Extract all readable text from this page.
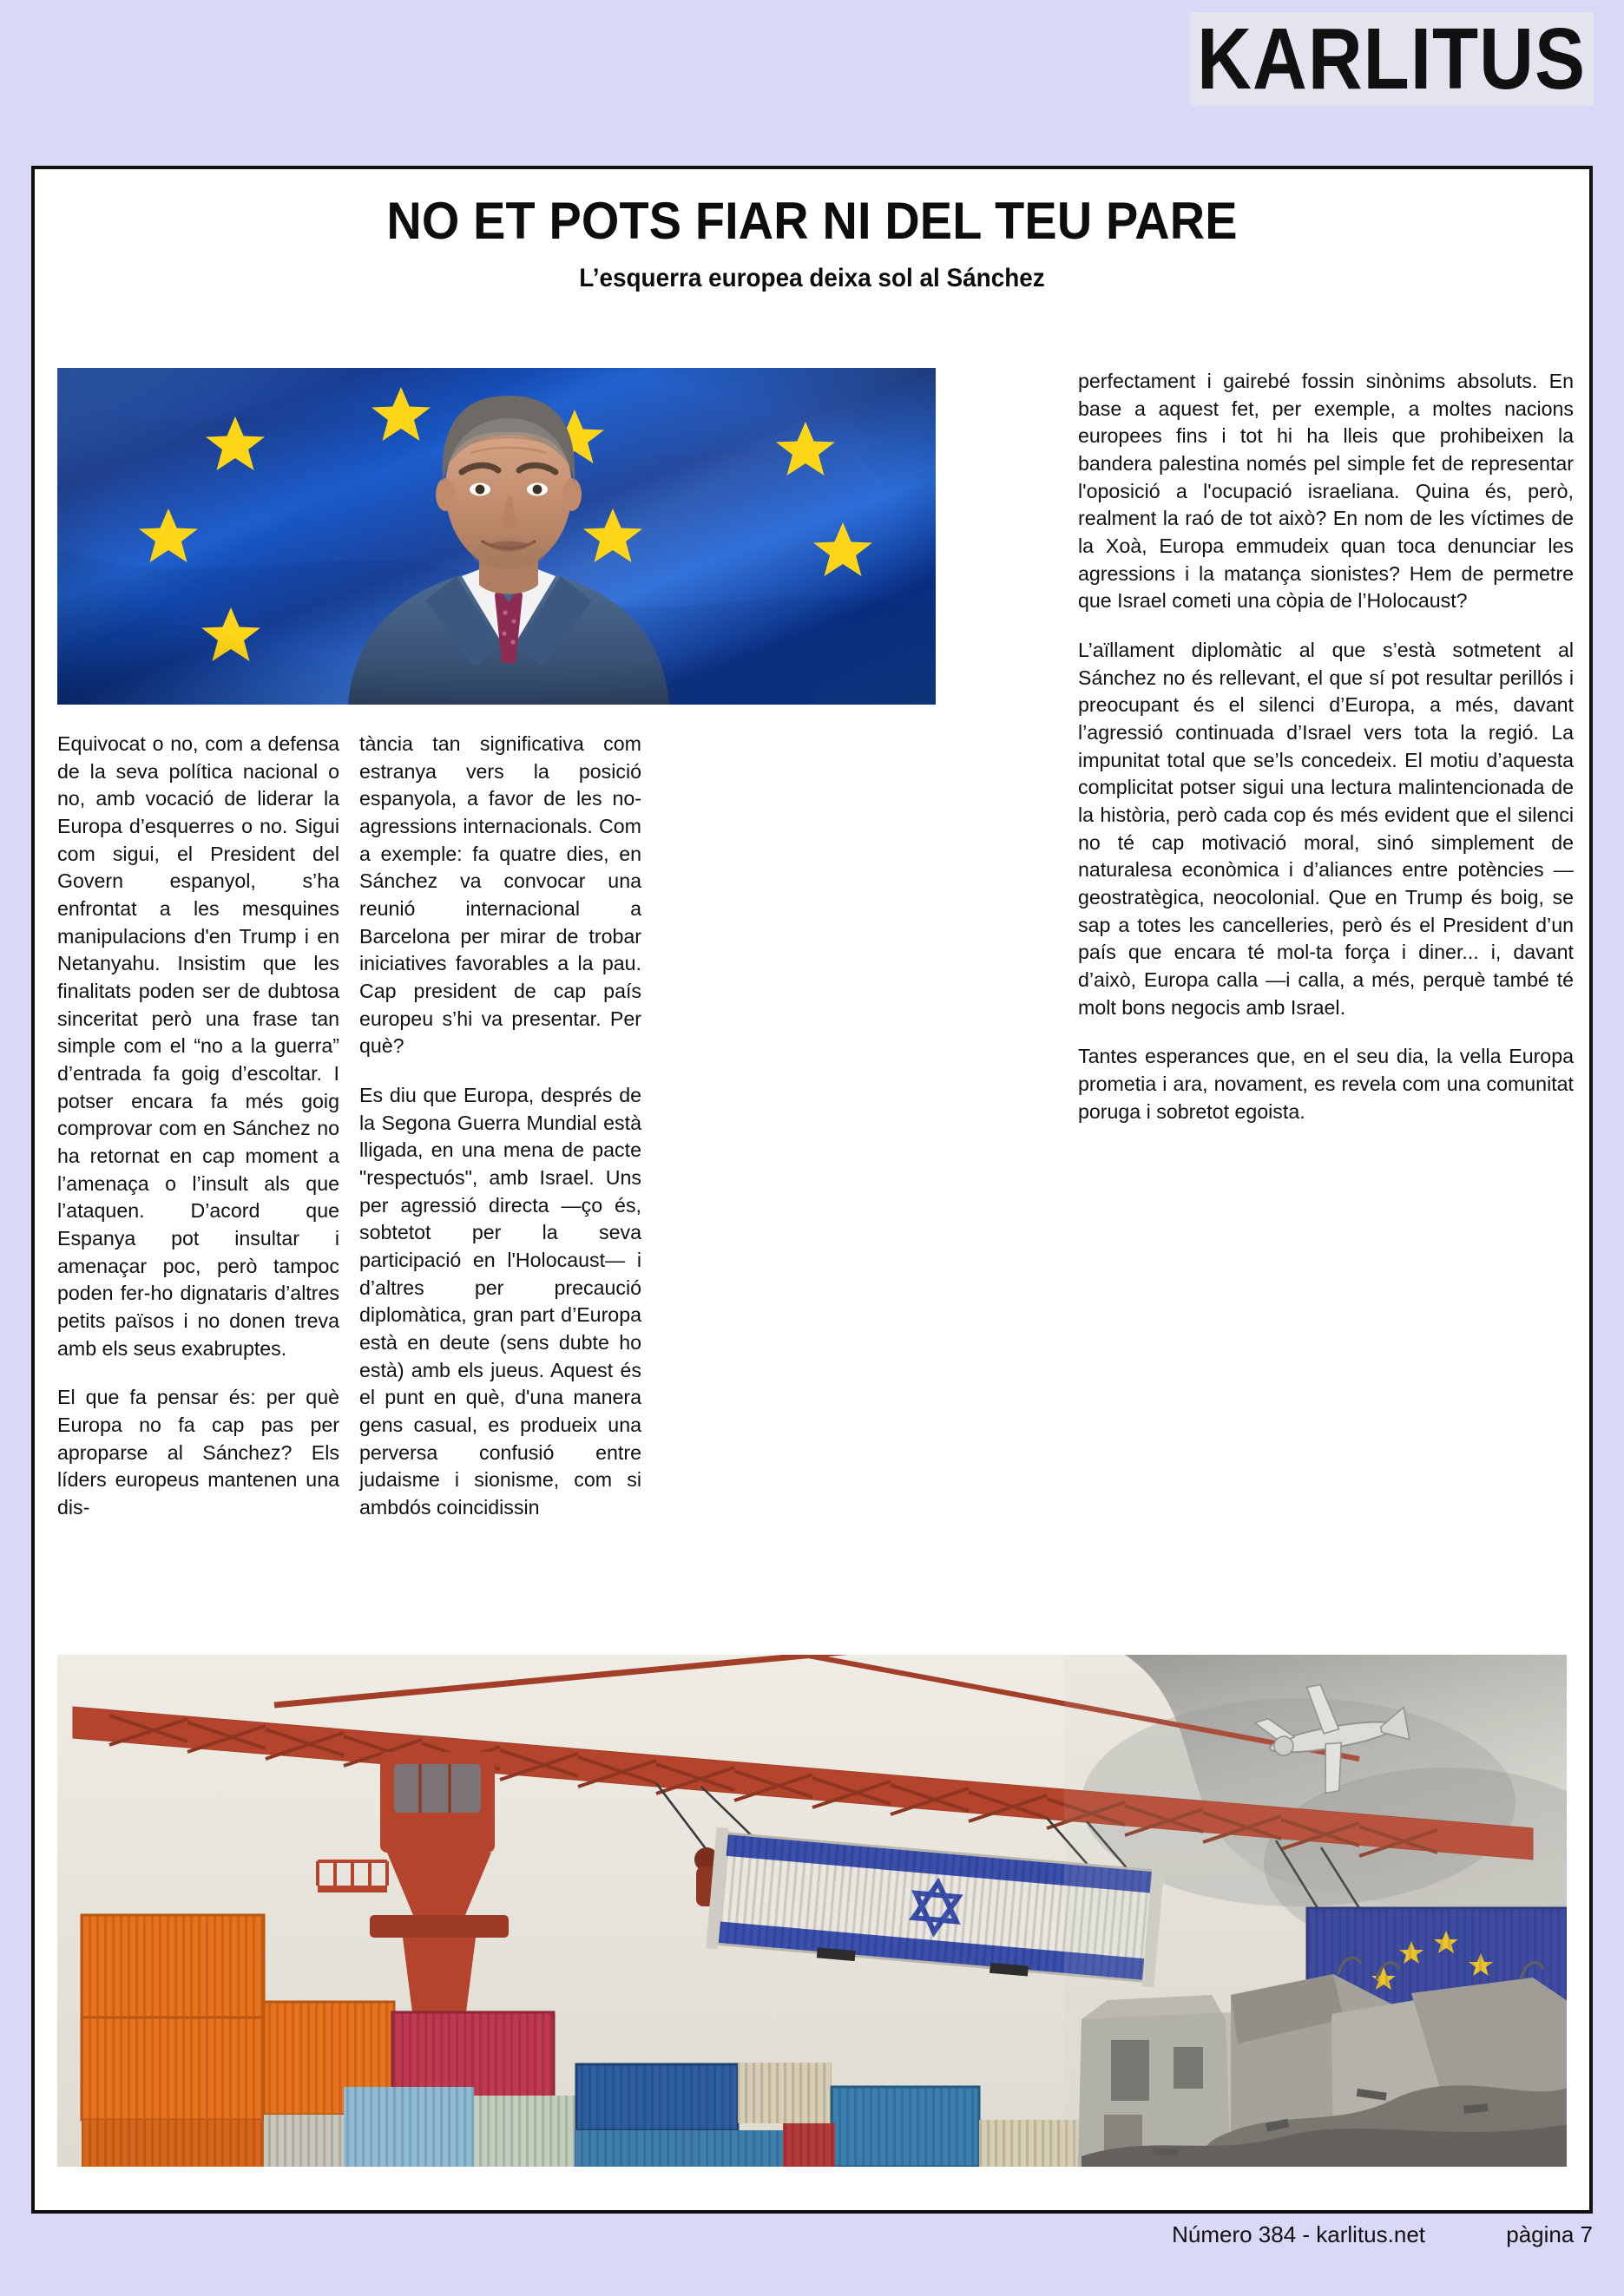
KARLITUS
NO ET POTS FIAR NI DEL TEU PARE
L’esquerra europea deixa sol al Sánchez

Equivocat o no, com a defensa de la seva política nacional o no, amb vocació de liderar la Europa d’esquerres o no. Sigui com sigui, el President del Govern espanyol, s’ha enfrontat a les mesquines manipulacions d'en Trump i en Netanyahu. Insistim que les finalitats poden ser de dubtosa sinceritat però una frase tan simple com el “no a la guerra” d’entrada fa goig d’escoltar. I potser encara fa més goig comprovar com en Sánchez no ha retornat en cap moment a l’amenaça o l’insult als que l’ataquen. D’acord que Espanya pot insultar i amenaçar poc, però tampoc poden fer-ho dignataris d’altres petits països i no donen treva amb els seus exabruptes.

El que fa pensar és: per què Europa no fa cap pas per aproparse al Sánchez? Els líders europeus mantenen una dis-

tància tan significativa com estranya vers la posició espanyola, a favor de les no-agressions internacionals. Com a exemple: fa quatre dies, en Sánchez va convocar una reunió internacional a Barcelona per mirar de trobar iniciatives favorables a la pau. Cap president de cap país europeu s’hi va presentar. Per què?

Es diu que Europa, després de la Segona Guerra Mundial està lligada, en una mena de pacte "respectuós", amb Israel. Uns per agressió directa —ço és, sobtetot per la seva participació en l'Holocaust— i d’altres per precaució diplomàtica, gran part d’Europa està en deute (sens dubte ho està) amb els jueus. Aquest és el punt en què, d'una manera gens casual, es produeix una perversa confusió entre judaisme i sionisme, com si ambdós coincidissin

perfectament i gairebé fossin sinònims absoluts. En base a aquest fet, per exemple, a moltes nacions europees fins i tot hi ha lleis que prohibeixen la bandera palestina només pel simple fet de representar l'oposició a l'ocupació israeliana. Quina és, però, realment la raó de tot això? En nom de les víctimes de la Xoà, Europa emmudeix quan toca denunciar les agressions i la matança sionistes? Hem de permetre que Israel cometi una còpia de l’Holocaust?

L’aïllament diplomàtic al que s’està sotmetent al Sánchez no és rellevant, el que sí pot resultar perillós i preocupant és el silenci d’Europa, a més, davant l’agressió continuada d’Israel vers tota la regió. La impunitat total que se’ls concedeix. El motiu d’aquesta complicitat potser sigui una lectura malintencionada de la història, però cada cop és més evident que el silenci no té cap motivació moral, sinó simplement de naturalesa econòmica i d’aliances entre potències —geostratègica, neocolonial. Que en Trump és boig, se sap a totes les cancelleries, però és el President d’un país que encara té mol-ta força i diner... i, davant d’això, Europa calla —i calla, a més, perquè també té molt bons negocis amb Israel.

Tantes esperances que, en el seu dia, la vella Europa prometia i ara, novament, es revela com una comunitat poruga i sobretot egoista.

Número 384 - karlitus.net	pàgina 7
